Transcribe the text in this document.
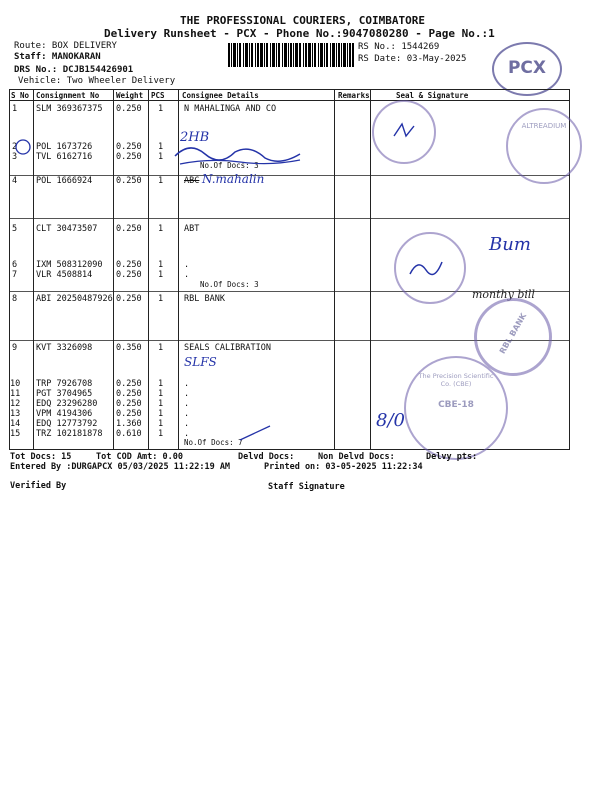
THE PROFESSIONAL COURIERS, COIMBATORE
Delivery Runsheet - PCX - Phone No.:9047080280 - Page No.:1
Route: BOX DELIVERY
Staff: MANOKARAN
DRS No.: DCJB154426901
Vehicle: Two Wheeler Delivery
RS No.: 1544269
RS Date: 03-May-2025	PCX
S No Consignment No Weight PCS Consignee Details	Remarks	Seal & Signature
1 SLM 369367375 0.250 1 N MAHALINGA AND CO
2 POL 1673726	0.250 1
3 TVL 6162716	0.250 1
No.Of Docs: 3
4 POL 1666924	0.250 1 ABC
5 CLT 30473507 0.250 1 ABT
6 IXM 508312090 0.250 1 .
7 VLR 4508814	0.250 1 .
No.Of Docs: 3
8 ABI 20250487926 0.250 1 RBL BANK
9 KVT 3326098	0.350 1 SEALS CALIBRATION
10 TRP 7926708	0.250 1 .
11 PGT 3704965	0.250 1 .
12 EDQ 23296280 0.250 1 .
13 VPM 4194306	0.250 1 .
14 EDQ 12773792 1.360 1 .
15 TRZ 102181878 0.610 1 .
No.Of Docs: 7
2HB
N.mahalin
SLFS
Bum
monthy bill
8/0
ALTREADIUM
RBL BANK
The Precision Scientific Co. (CBE)
CBE-18
Tot Docs: 15	Tot COD Amt: 0.00	Delvd Docs:	Non Delvd Docs:	Delvy pts:
Entered By :DURGAPCX 05/03/2025 11:22:19 AM	Printed on: 03-05-2025 11:22:34
Verified By	Staff Signature
